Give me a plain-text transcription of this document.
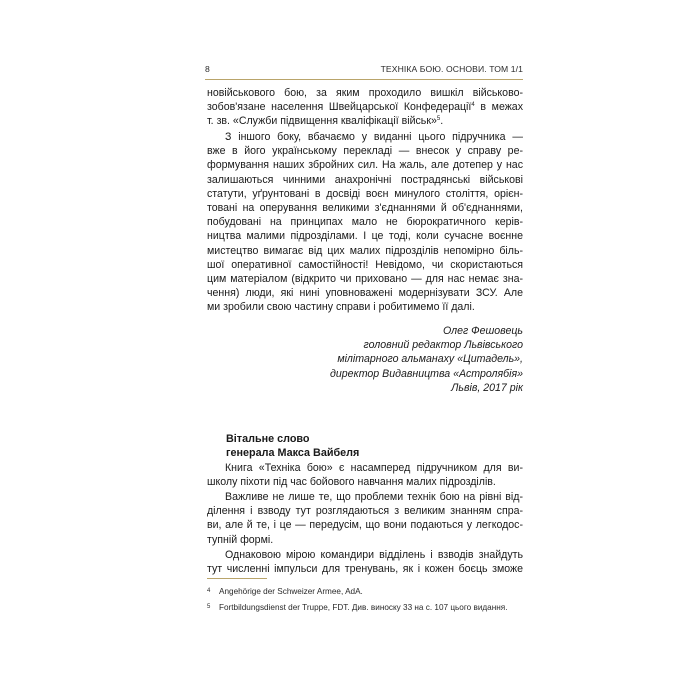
8	ТЕХНІКА БОЮ. ОСНОВИ. ТОМ 1/1
новійськового бою, за яким проходило вишкіл військово-
зобов'язане населення Швейцарської Конфедерації$^4$ в межах
т. зв. «Служби підвищення кваліфікації військ»$^5$.
З іншого боку, вбачаємо у виданні цього підручника —
вже в його українському перекладі — внесок у справу ре-
формування наших збройних сил. На жаль, але дотепер у нас
залишаються чинними анахронічні пострадянські військові
статути, уґрунтовані в досвіді воєн минулого століття, орієн-
товані на оперування великими з'єднаннями й об'єднаннями,
побудовані на принципах мало не бюрократичного керів-
ництва малими підрозділами. І це тоді, коли сучасне воєнне
мистецтво вимагає від цих малих підрозділів непомірно біль-
шої оперативної самостійності! Невідомо, чи скористаються
цим матеріалом (відкрито чи приховано — для нас немає зна-
чення) люди, які нині уповноважені модернізувати ЗСУ. Але
ми зробили свою частину справи і робитимемо її далі.
Олег Фешовець
головний редактор Львівського
мілітарного альманаху «Цитадель»,
директор Видавництва «Астролябія»
Львів, 2017 рік
Вітальне слово
генерала Макса Вайбеля
Книга «Техніка бою» є насамперед підручником для ви-
школу піхоти під час бойового навчання малих підрозділів.
Важливе не лише те, що проблеми технік бою на рівні від-
ділення і взводу тут розглядаються з великим знанням спра-
ви, але й те, і це — передусім, що вони подаються у легкодос-
тупній формі.
Однаковою мірою командири відділень і взводів знайдуть
тут численні імпульси для тренувань, як і кожен боєць зможе
4	Angehörige der Schweizer Armee, AdA.
5	Fortbildungsdienst der Truppe, FDT. Див. виноску 33 на с. 107 цього видання.
